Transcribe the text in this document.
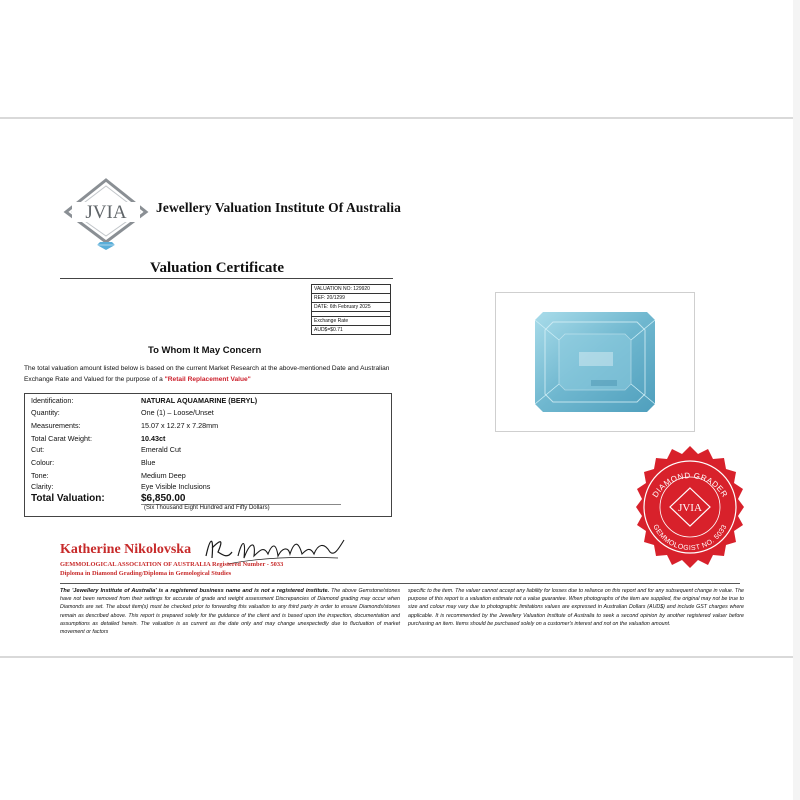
JVIA Jewellery Valuation Institute Of Australia
Valuation Certificate
VALUATION NO: 129920
REF: 20/1299
DATE: 6th February 2025
Exchange Rate
AUD$=$0.71
To Whom It May Concern
The total valuation amount listed below is based on the current Market Research at the above-mentioned Date and Australian Exchange Rate and Valued for the purpose of a "Retail Replacement Value"
Identification:	NATURAL AQUAMARINE (BERYL)
Quantity:	One (1) – Loose/Unset
Measurements:	15.07 x 12.27 x 7.28mm
Total Carat Weight:	10.43ct
Cut:	Emerald Cut
Colour:	Blue
Tone:	Medium Deep
Clarity:	Eye Visible Inclusions
Total Valuation:	$6,850.00
(Six Thousand Eight Hundred and Fifty Dollars)
Katherine Nikolovska
GEMMOLOGICAL ASSOCIATION OF AUSTRALIA Registered Number - 5033
Diploma in Diamond Grading/Diploma in Gemological Studies
The 'Jewellery Institute of Australia' is a registered business name and is not a registered institute. The above Gemstone/stones have not been removed from their settings for accurate of grade and weight assessment Discrepancies of Diamond grading may occur when Diamonds are set. The about item(s) must be checked prior to forwarding this valuation to any third party in order to ensure Diamonds/stones remain as described above. This report is prepared solely for the guidance of the client and is based upon the inspection, documentation and assumptions as detailed herein. The valuation is as current as the date only and may change unexpectedly due to fluctuation of market movement or factors
specific to the item. The valuer cannot accept any liability for losses due to reliance on this report and for any subsequent change in value. The purpose of this report is a valuation estimate not a value guarantee. When photographs of the item are supplied, the original may not be true to size and colour may vary due to photographic limitations values are expressed in Australian Dollars (AUD$) and include GST charges where applicable. It is recommended by the Jewellery Valuation Institute of Australia to seek a second opinion by another registered valuer before purchasing an item. Items should be purchased solely on a customer's interest and not on the valuation amount.
DIAMOND GRADER
GEMMOLOGIST NO. 5033
JVIA
